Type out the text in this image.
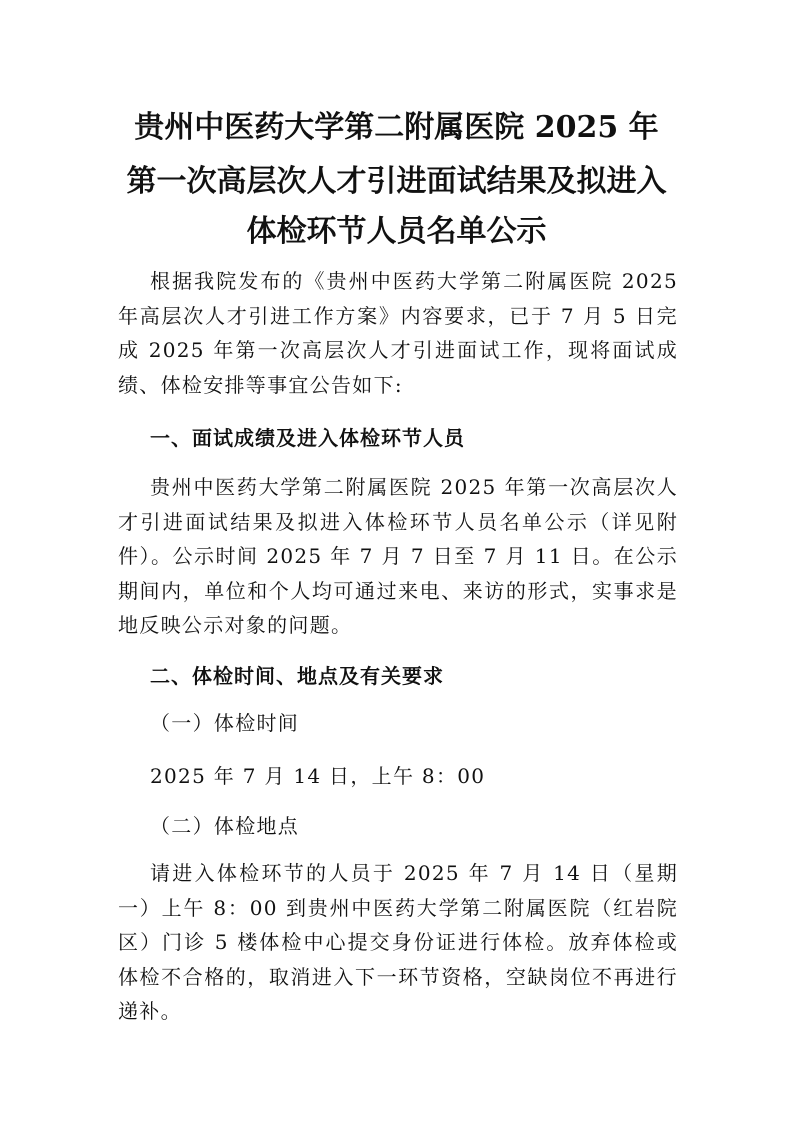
贵州中医药大学第二附属医院 2025 年
第一次高层次人才引进面试结果及拟进入
体检环节人员名单公示
根据我院发布的《贵州中医药大学第二附属医院 2025 年高层次人才引进工作方案》内容要求，已于 7 月 5 日完成 2025 年第一次高层次人才引进面试工作，现将面试成绩、体检安排等事宜公告如下:
一、面试成绩及进入体检环节人员
贵州中医药大学第二附属医院 2025 年第一次高层次人才引进面试结果及拟进入体检环节人员名单公示（详见附件）。公示时间 2025 年 7 月 7 日至 7 月 11 日。在公示期间内，单位和个人均可通过来电、来访的形式，实事求是地反映公示对象的问题。
二、体检时间、地点及有关要求
（一）体检时间
2025 年 7 月 14 日，上午 8：00
（二）体检地点
请进入体检环节的人员于 2025 年 7 月 14 日（星期一）上午 8：00 到贵州中医药大学第二附属医院（红岩院区）门诊 5 楼体检中心提交身份证进行体检。放弃体检或体检不合格的，取消进入下一环节资格，空缺岗位不再进行递补。
